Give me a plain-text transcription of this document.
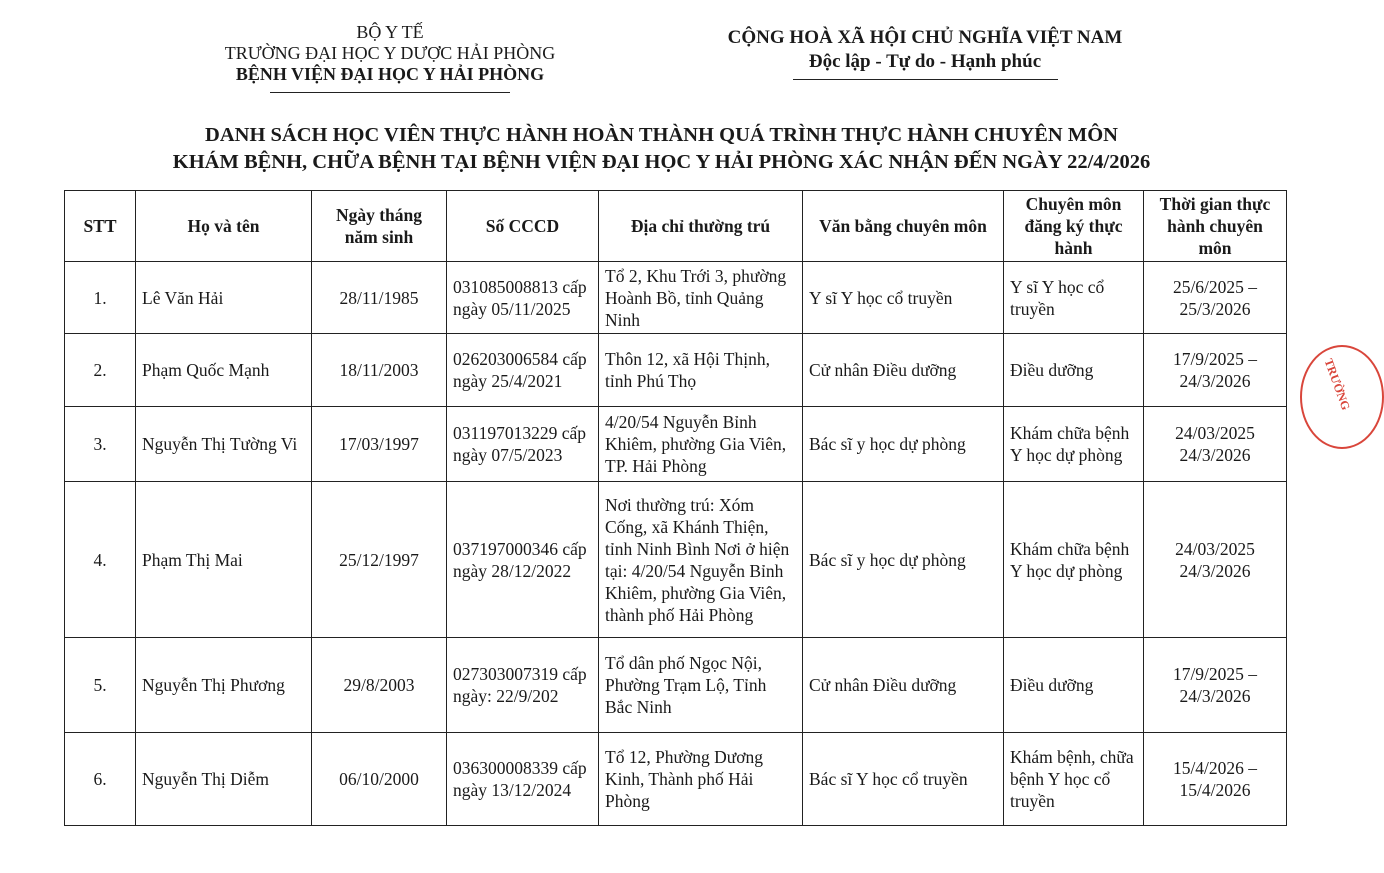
BỘ Y TẾ
TRƯỜNG ĐẠI HỌC Y DƯỢC HẢI PHÒNG
BỆNH VIỆN ĐẠI HỌC Y HẢI PHÒNG
CỘNG HOÀ XÃ HỘI CHỦ NGHĨA VIỆT NAM
Độc lập - Tự do - Hạnh phúc
DANH SÁCH HỌC VIÊN THỰC HÀNH HOÀN THÀNH QUÁ TRÌNH THỰC HÀNH CHUYÊN MÔN
KHÁM BỆNH, CHỮA BỆNH TẠI BỆNH VIỆN ĐẠI HỌC Y HẢI PHÒNG XÁC NHẬN ĐẾN NGÀY 22/4/2026
STT	Họ và tên	Ngày tháng năm sinh	Số CCCD	Địa chỉ thường trú	Văn bằng chuyên môn	Chuyên môn đăng ký thực hành	Thời gian thực hành chuyên môn
1.	Lê Văn Hải	28/11/1985	031085008813 cấp ngày 05/11/2025	Tổ 2, Khu Trới 3, phường Hoành Bồ, tỉnh Quảng Ninh	Y sĩ Y học cổ truyền	Y sĩ Y học cổ truyền	25/6/2025 – 25/3/2026
2.	Phạm Quốc Mạnh	18/11/2003	026203006584 cấp ngày 25/4/2021	Thôn 12, xã Hội Thịnh, tỉnh Phú Thọ	Cử nhân Điều dưỡng	Điều dưỡng	17/9/2025 – 24/3/2026
3.	Nguyễn Thị Tường Vi	17/03/1997	031197013229 cấp ngày 07/5/2023	4/20/54 Nguyễn Bỉnh Khiêm, phường Gia Viên, TP. Hải Phòng	Bác sĩ y học dự phòng	Khám chữa bệnh Y học dự phòng	24/03/2025 24/3/2026
4.	Phạm Thị Mai	25/12/1997	037197000346 cấp ngày 28/12/2022	Nơi thường trú: Xóm Cống, xã Khánh Thiện, tỉnh Ninh Bình Nơi ở hiện tại: 4/20/54 Nguyễn Bỉnh Khiêm, phường Gia Viên, thành phố Hải Phòng	Bác sĩ y học dự phòng	Khám chữa bệnh Y học dự phòng	24/03/2025 24/3/2026
5.	Nguyễn Thị Phương	29/8/2003	027303007319 cấp ngày: 22/9/202	Tổ dân phố Ngọc Nội, Phường Trạm Lộ, Tỉnh Bắc Ninh	Cử nhân Điều dưỡng	Điều dưỡng	17/9/2025 – 24/3/2026
6.	Nguyễn Thị Diễm	06/10/2000	036300008339 cấp ngày 13/12/2024	Tổ 12, Phường Dương Kinh, Thành phố Hải Phòng	Bác sĩ Y học cổ truyền	Khám bệnh, chữa bệnh Y học cổ truyền	15/4/2026 – 15/4/2026
TRƯỜNG
